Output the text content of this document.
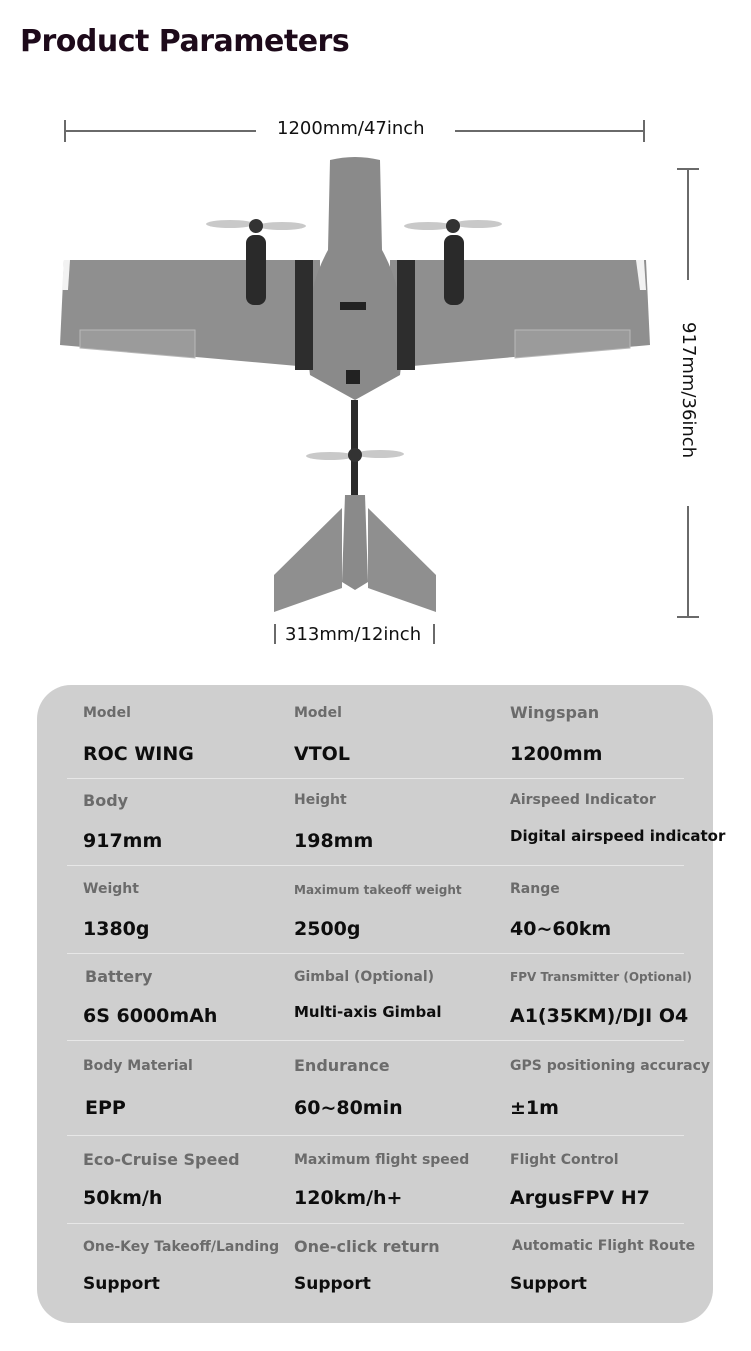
Product Parameters
1200mm/47inch
917mm/36inch
313mm/12inch
Model
ROC WING
Model
VTOL
Wingspan
1200mm
Body
917mm
Height
198mm
Airspeed Indicator
Digital airspeed indicator
Weight
1380g
Maximum takeoff weight
2500g
Range
40~60km
Battery
6S 6000mAh
Gimbal (Optional)
Multi-axis Gimbal
FPV Transmitter (Optional)
A1(35KM)/DJI O4
Body Material
EPP
Endurance
60~80min
GPS positioning accuracy
±1m
Eco-Cruise Speed
50km/h
Maximum flight speed
120km/h+
Flight Control
ArgusFPV H7
One-Key Takeoff/Landing
Support
One-click return
Support
Automatic Flight Route
Support
